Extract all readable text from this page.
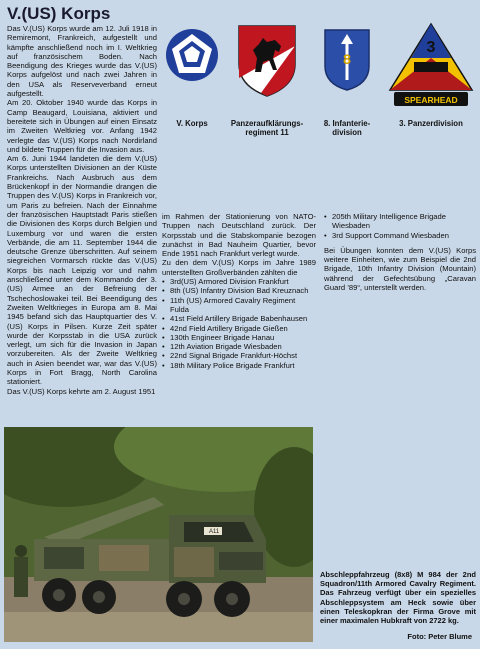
V.(US) Korps

Das V.(US) Korps wurde am 12. Juli 1918 in Remiremont, Frankreich, aufgestellt und kämpfte anschließend noch im I. Weltkrieg auf französischem Boden. Nach Beendigung des Krieges wurde das V.(US) Korps aufgelöst und nach zwei Jahren in den USA als Reserveverband erneut aufgestellt.

Am 20. Oktober 1940 wurde das Korps in Camp Beaugard, Louisiana, aktiviert und bereitete sich in Übungen auf einen Einsatz im Zweiten Weltkrieg vor. Anfang 1942 verlegte das V.(US) Korps nach Nordirland und bildete Truppen für die Invasion aus.

Am 6. Juni 1944 landeten die dem V.(US) Korps unterstellten Divisionen an der Küste Frankreichs. Nach Ausbruch aus dem Brückenkopf in der Normandie drangen die Truppen des V.(US) Korps in Frankreich vor, um Paris zu befreien. Nach der Einnahme der französischen Hauptstadt Paris stießen die Divisionen des Korps durch Belgien und Luxemburg vor und waren die ersten Verbände, die am 11. September 1944 die deutsche Grenze überschritten. Auf seinem siegreichen Vormarsch rückte das V.(US) Korps bis nach Leipzig vor und nahm anschließend unter dem Kommando der 3.(US) Armee an der Befreiung der Tschechoslowakei teil. Bei Beendigung des Zweiten Weltkrieges in Europa am 8. Mai 1945 befand sich das Hauptquartier des V.(US) Korps in Pilsen. Kurze Zeit später wurde der Korpsstab in die USA zurück verlegt, um sich für die Invasion in Japan vorzubereiten. Als der Zweite Weltkrieg auch in Asien beendet war, war das V.(US) Korps in Fort Bragg, North Carolina stationiert.

Das V.(US) Korps kehrte am 2. August 1951

V. Korps	Panzeraufklärungs-regiment 11
8
8. Infanterie-division
3
SPEARHEAD
3. Panzerdivision

im Rahmen der Stationierung von NATO-Truppen nach Deutschland zurück. Der Korpsstab und die Stabskompanie bezogen zunächst in Bad Nauheim Quartier, bevor Ende 1951 nach Frankfurt verlegt wurde.

Zu den dem V.(US) Korps im Jahre 1989 unterstellten Großverbänden zählten die

• 3rd(US) Armored Division Frankfurt
• 8th (US) Infantry Division Bad Kreuznach
• 11th (US) Armored Cavalry Regiment Fulda
• 41st Field Artillery Brigade Babenhausen
• 42nd Field Artillery Brigade Gießen
• 130th Engineer Brigade Hanau
• 12th Aviation Brigade Wiesbaden
• 22nd Signal Brigade Frankfurt-Höchst
• 18th Military Police Brigade Frankfurt
• 205th Military Intelligence Brigade Wiesbaden
• 3rd Support Command Wiesbaden

Bei Übungen konnten dem V.(US) Korps weitere Einheiten, wie zum Beispiel die 2nd Brigade, 10th Infantry Division (Mountain) während der Gefechtsübung „Caravan Guard ’89“, unterstellt werden.

A11
Abschleppfahrzeug (8x8) M 984 der 2nd Squadron/11th Armored Cavalry Regiment. Das Fahrzeug verfügt über ein spezielles Abschleppsystem am Heck sowie über einen Teleskopkran der Firma Grove mit einer maximalen Hubkraft von 2722 kg.
Foto: Peter Blume
